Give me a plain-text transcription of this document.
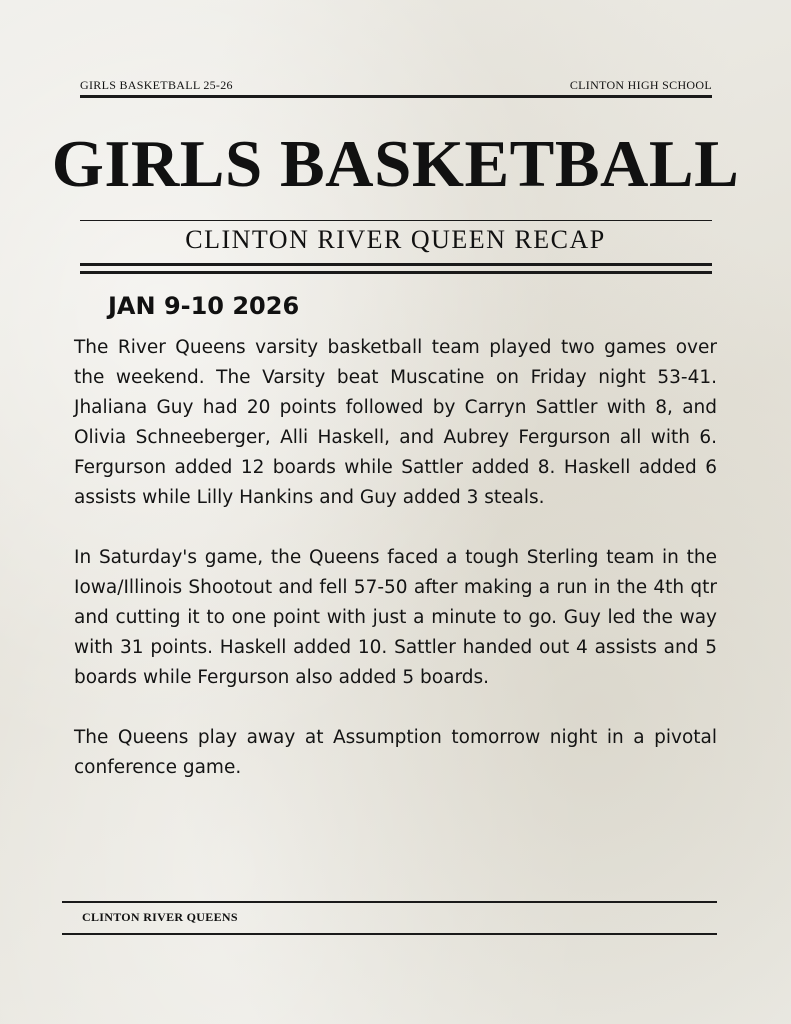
GIRLS BASKETBALL 25-26	CLINTON HIGH SCHOOL
GIRLS BASKETBALL
CLINTON RIVER QUEEN RECAP
JAN 9-10 2026

The River Queens varsity basketball team played two games over the weekend. The Varsity beat Muscatine on Friday night 53-41. Jhaliana Guy had 20 points followed by Carryn Sattler with 8, and Olivia Schneeberger, Alli Haskell, and Aubrey Fergurson all with 6. Fergurson added 12 boards while Sattler added 8. Haskell added 6 assists while Lilly Hankins and Guy added 3 steals.

In Saturday's game, the Queens faced a tough Sterling team in the Iowa/Illinois Shootout and fell 57-50 after making a run in the 4th qtr and cutting it to one point with just a minute to go. Guy led the way with 31 points. Haskell added 10. Sattler handed out 4 assists and 5 boards while Fergurson also added 5 boards.

The Queens play away at Assumption tomorrow night in a pivotal conference game.

CLINTON RIVER QUEENS
